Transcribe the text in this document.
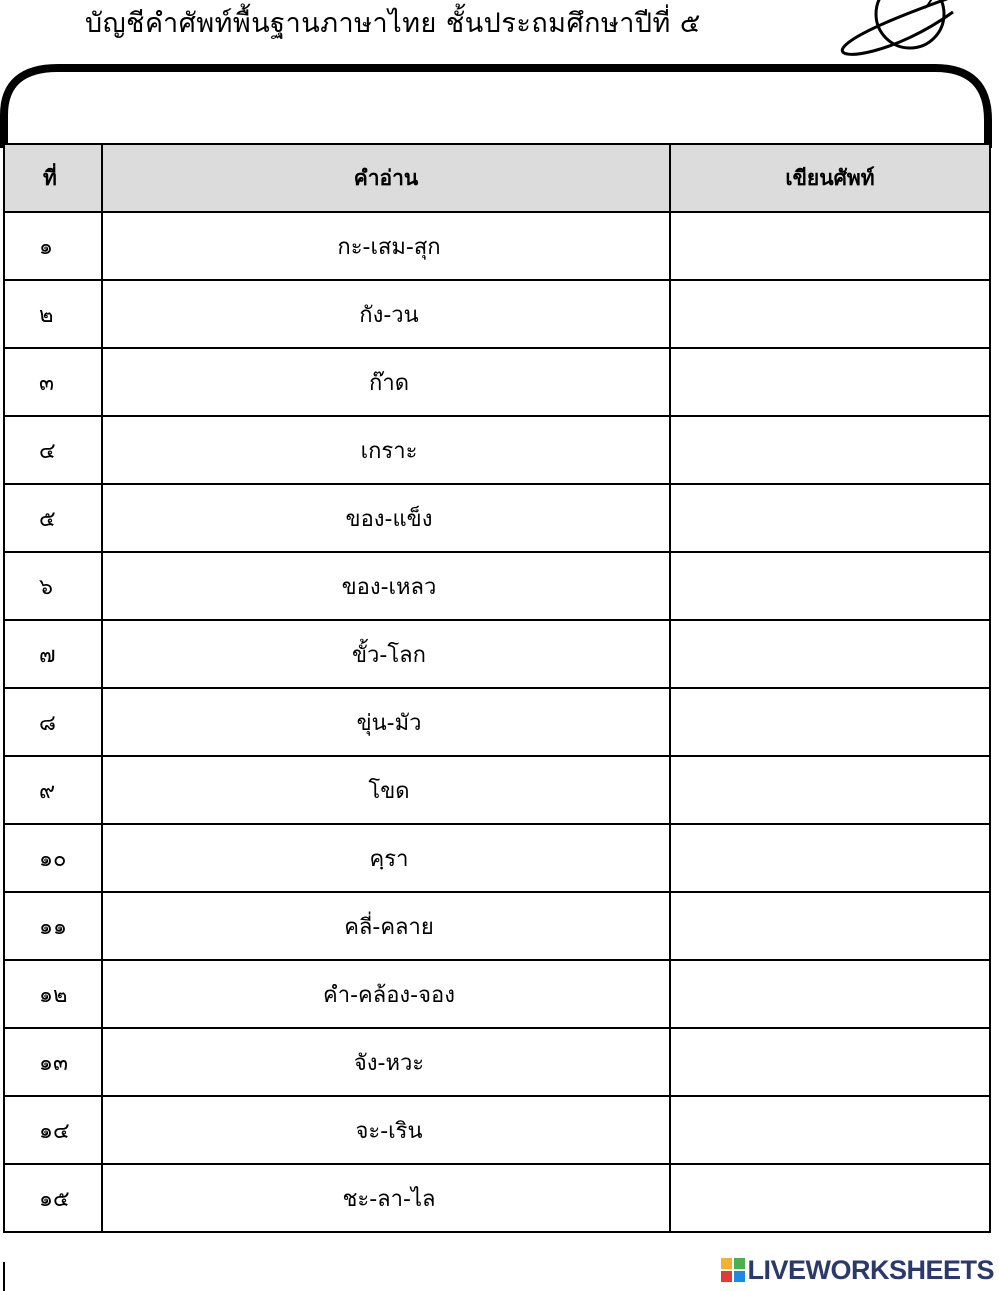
บัญชีคำศัพท์พื้นฐานภาษาไทย ชั้นประถมศึกษาปีที่ ๕
ที่	คำอ่าน	เขียนศัพท์
๑	กะ-เสม-สุก	
๒	กัง-วน	
๓	ก๊าด	
๔	เกราะ	
๕	ของ-แข็ง	
๖	ของ-เหลว	
๗	ขั้ว-โลก	
๘	ขุ่น-มัว	
๙	โขด	
๑๐	คฺรา	
๑๑	คลี่-คลาย	
๑๒	คำ-คล้อง-จอง	
๑๓	จัง-หวะ	
๑๔	จะ-เริน	
๑๕	ชะ-ลา-ไล	
LIVEWORKSHEETS
